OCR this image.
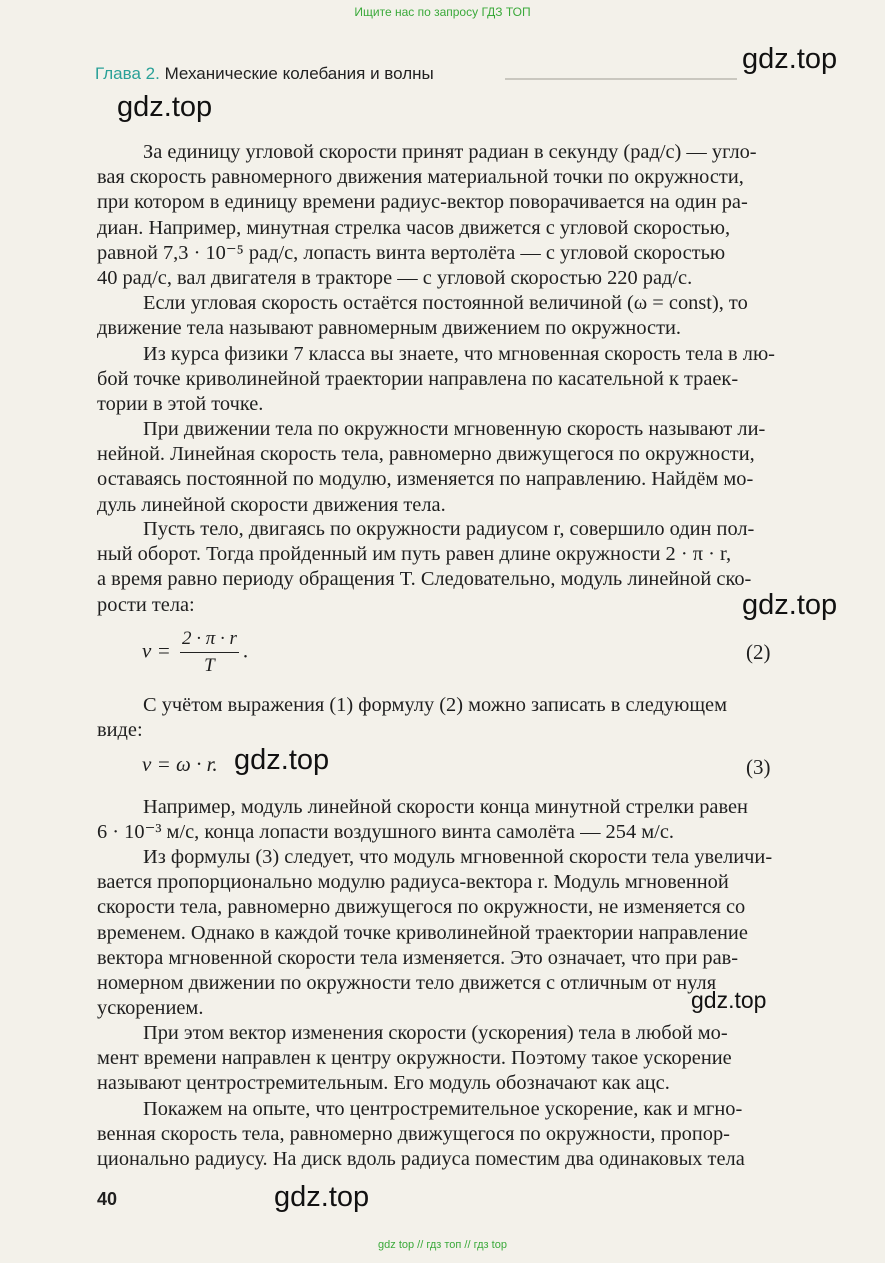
Ищите нас по запросу ГДЗ ТОП
Глава 2. Механические колебания и волны	gdz.top
gdz.top
gdz.top
gdz.top
gdz.top
gdz.top
За единицу угловой скорости принят радиан в секунду (рад/с) — угло-
вая скорость равномерного движения материальной точки по окружности,
при котором в единицу времени радиус-вектор поворачивается на один ра-
диан. Например, минутная стрелка часов движется с угловой скоростью,
равной 7,3 · 10⁻⁵ рад/с, лопасть винта вертолёта — с угловой скоростью
40 рад/с, вал двигателя в тракторе — с угловой скоростью 220 рад/с.
Если угловая скорость остаётся постоянной величиной (ω = const), то
движение тела называют равномерным движением по окружности.
Из курса физики 7 класса вы знаете, что мгновенная скорость тела в лю-
бой точке криволинейной траектории направлена по касательной к траек-
тории в этой точке.
При движении тела по окружности мгновенную скорость называют ли-
нейной. Линейная скорость тела, равномерно движущегося по окружности,
оставаясь постоянной по модулю, изменяется по направлению. Найдём мо-
дуль линейной скорости движения тела.
Пусть тело, двигаясь по окружности радиусом r, совершило один пол-
ный оборот. Тогда пройденный им путь равен длине окружности 2 · π · r,
а время равно периоду обращения T. Следовательно, модуль линейной ско-
рости тела:
$v = \frac{2 \cdot \pi \cdot r}{T}$ .	(2)
С учётом выражения (1) формулу (2) можно записать в следующем
виде:
v = ω · r.	(3)
Например, модуль линейной скорости конца минутной стрелки равен
6 · 10⁻³ м/с, конца лопасти воздушного винта самолёта — 254 м/с.
Из формулы (3) следует, что модуль мгновенной скорости тела увеличи-
вается пропорционально модулю радиуса-вектора r. Модуль мгновенной
скорости тела, равномерно движущегося по окружности, не изменяется со
временем. Однако в каждой точке криволинейной траектории направление
вектора мгновенной скорости тела изменяется. Это означает, что при рав-
номерном движении по окружности тело движется с отличным от нуля
ускорением.
При этом вектор изменения скорости (ускорения) тела в любой мо-
мент времени направлен к центру окружности. Поэтому такое ускорение
называют центростремительным. Его модуль обозначают как aцс.
Покажем на опыте, что центростремительное ускорение, как и мгно-
венная скорость тела, равномерно движущегося по окружности, пропор-
ционально радиусу. На диск вдоль радиуса поместим два одинаковых тела
40
gdz top // гдз топ // гдз top
